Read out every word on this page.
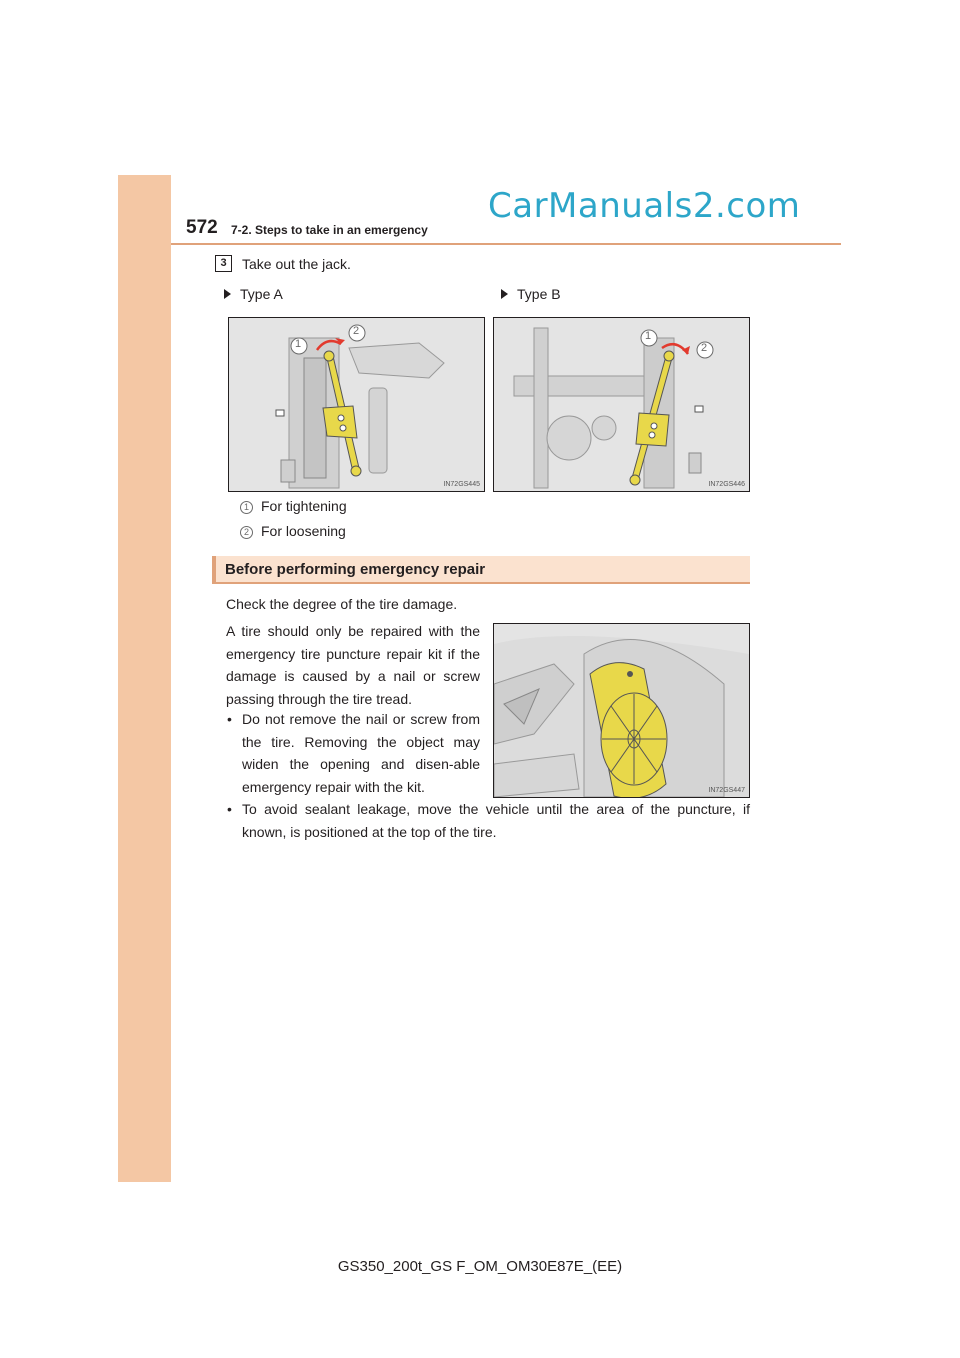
572 7-2. Steps to take in an emergency
CarManuals2.com
3	Take out the jack.
Type A	Type B
1
2
IN72GS445
1
2
IN72GS446
1 For tightening
2 For loosening
Before performing emergency repair
Check the degree of the tire damage.
A tire should only be repaired with the emergency tire puncture repair kit if the damage is caused by a nail or screw passing through the tire tread.
• Do not remove the nail or screw from the tire. Removing the object may widen the opening and disen-able emergency repair with the kit.	IN72GS447
• To avoid sealant leakage, move the vehicle until the area of the puncture, if known, is positioned at the top of the tire.
GS350_200t_GS F_OM_OM30E87E_(EE)
